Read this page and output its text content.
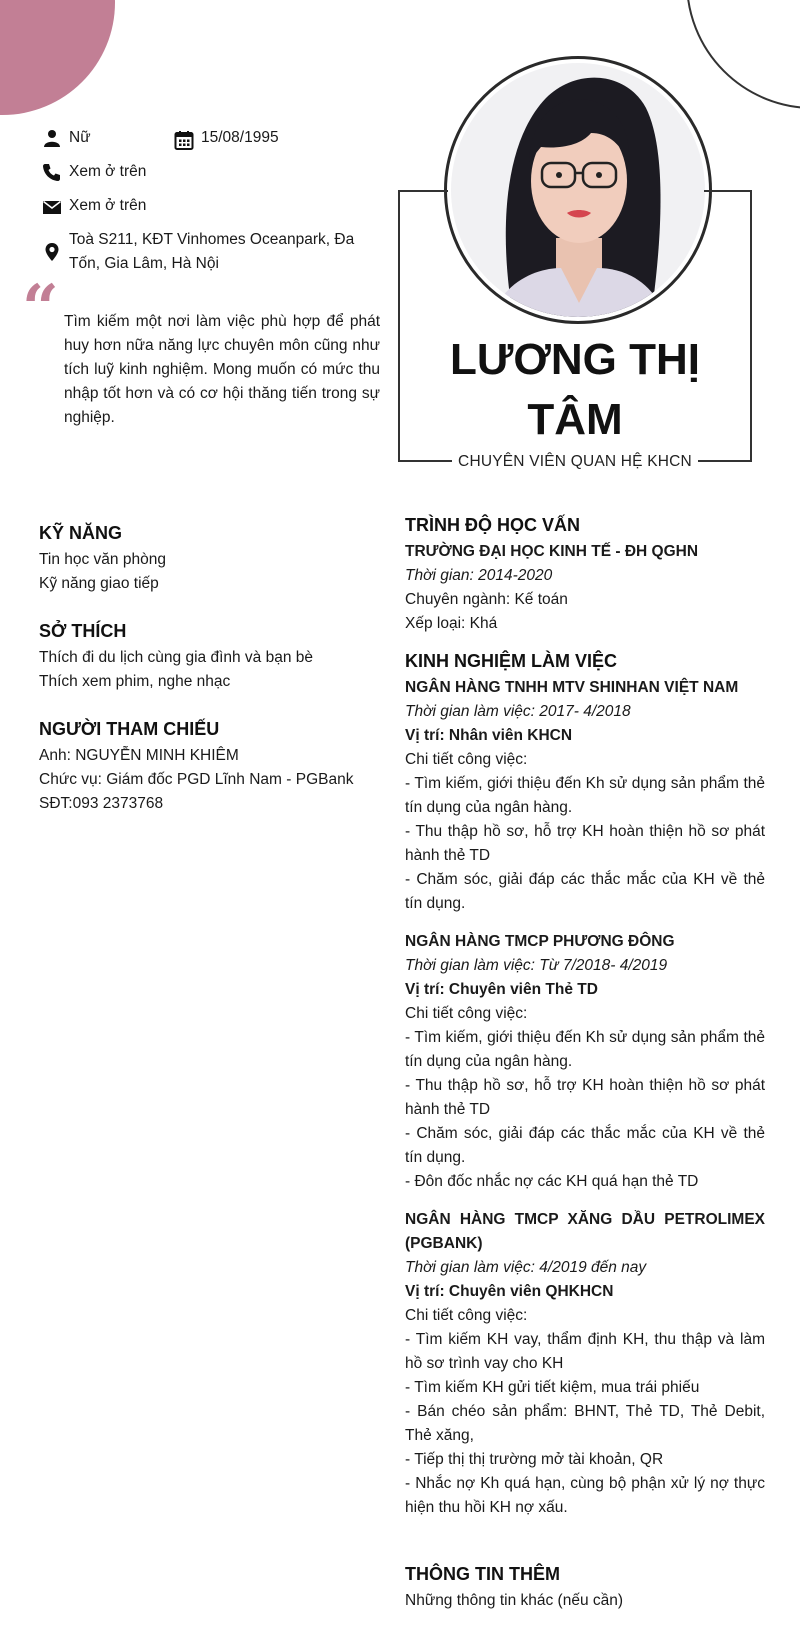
Nữ	15/08/1995
Xem ở trên
Xem ở trên
Toà S211, KĐT Vinhomes Oceanpark, Đa Tốn, Gia Lâm, Hà Nội
“ Tìm kiếm một nơi làm việc phù hợp để phát huy hơn nữa năng lực chuyên môn cũng như tích luỹ kinh nghiệm. Mong muốn có mức thu nhập tốt hơn và có cơ hội thăng tiến trong sự nghiệp.
LƯƠNG THỊ
TÂM
CHUYÊN VIÊN QUAN HỆ KHCN
KỸ NĂNG
Tin học văn phòng
Kỹ năng giao tiếp
SỞ THÍCH
Thích đi du lịch cùng gia đình và bạn bè
Thích xem phim, nghe nhạc
NGƯỜI THAM CHIẾU
Anh: NGUYỄN MINH KHIÊM
Chức vụ: Giám đốc PGD Lĩnh Nam - PGBank
SĐT:093 2373768
TRÌNH ĐỘ HỌC VẤN
TRƯỜNG ĐẠI HỌC KINH TẾ - ĐH QGHN
Thời gian: 2014-2020
Chuyên ngành: Kế toán
Xếp loại: Khá
KINH NGHIỆM LÀM VIỆC
NGÂN HÀNG TNHH MTV SHINHAN VIỆT NAM
Thời gian làm việc: 2017- 4/2018
Vị trí: Nhân viên KHCN
Chi tiết công việc:
- Tìm kiếm, giới thiệu đến Kh sử dụng sản phẩm thẻ tín dụng của ngân hàng.
- Thu thập hồ sơ, hỗ trợ KH hoàn thiện hồ sơ phát hành thẻ TD
- Chăm sóc, giải đáp các thắc mắc của KH về thẻ tín dụng.
NGÂN HÀNG TMCP PHƯƠNG ĐÔNG
Thời gian làm việc: Từ 7/2018- 4/2019
Vị trí: Chuyên viên Thẻ TD
Chi tiết công việc:
- Tìm kiếm, giới thiệu đến Kh sử dụng sản phẩm thẻ tín dụng của ngân hàng.
- Thu thập hồ sơ, hỗ trợ KH hoàn thiện hồ sơ phát hành thẻ TD
- Chăm sóc, giải đáp các thắc mắc của KH về thẻ tín dụng.
- Đôn đốc nhắc nợ các KH quá hạn thẻ TD
NGÂN HÀNG TMCP XĂNG DẦU PETROLIMEX (PGBANK)
Thời gian làm việc: 4/2019 đến nay
Vị trí: Chuyên viên QHKHCN
Chi tiết công việc:
- Tìm kiếm KH vay, thẩm định KH, thu thập và làm hồ sơ trình vay cho KH
- Tìm kiếm KH gửi tiết kiệm, mua trái phiếu
- Bán chéo sản phẩm: BHNT, Thẻ TD, Thẻ Debit, Thẻ xăng,
- Tiếp thị thị trường mở tài khoản, QR
- Nhắc nợ Kh quá hạn, cùng bộ phận xử lý nợ thực hiện thu hồi KH nợ xấu.
THÔNG TIN THÊM
Những thông tin khác (nếu cần)
